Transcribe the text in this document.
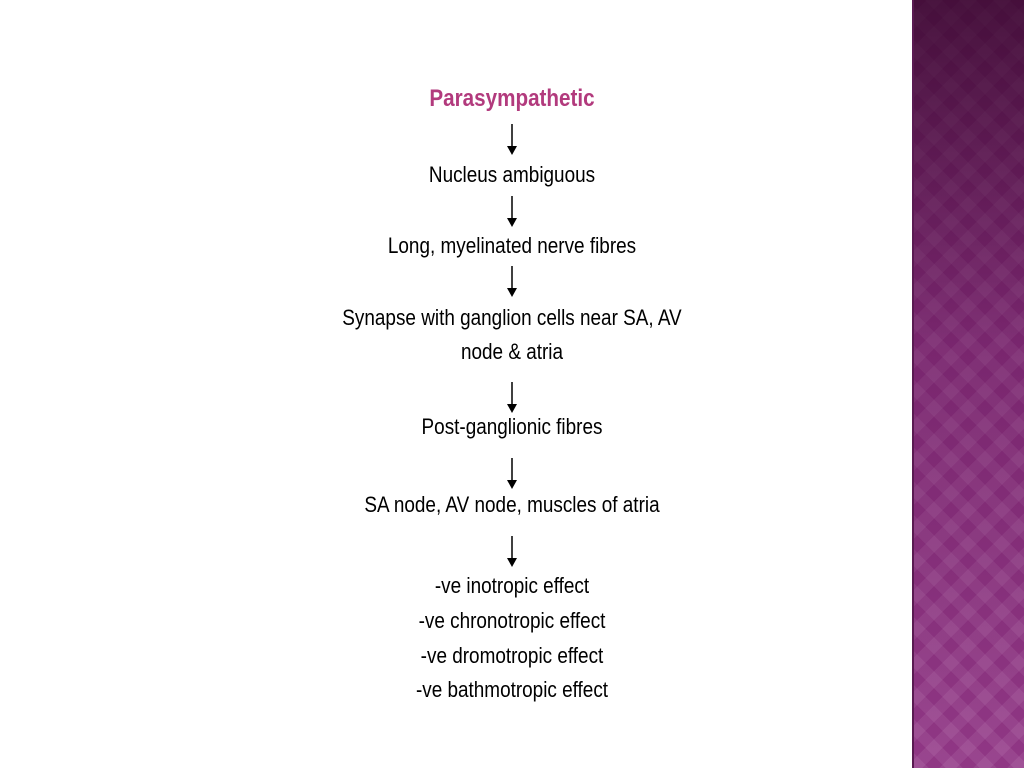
Parasympathetic
Nucleus ambiguous
Long, myelinated nerve fibres
Synapse with ganglion cells near SA, AV node & atria
Post-ganglionic fibres
SA node, AV node, muscles of atria
-ve inotropic effect
-ve chronotropic effect
-ve dromotropic effect
-ve bathmotropic effect
